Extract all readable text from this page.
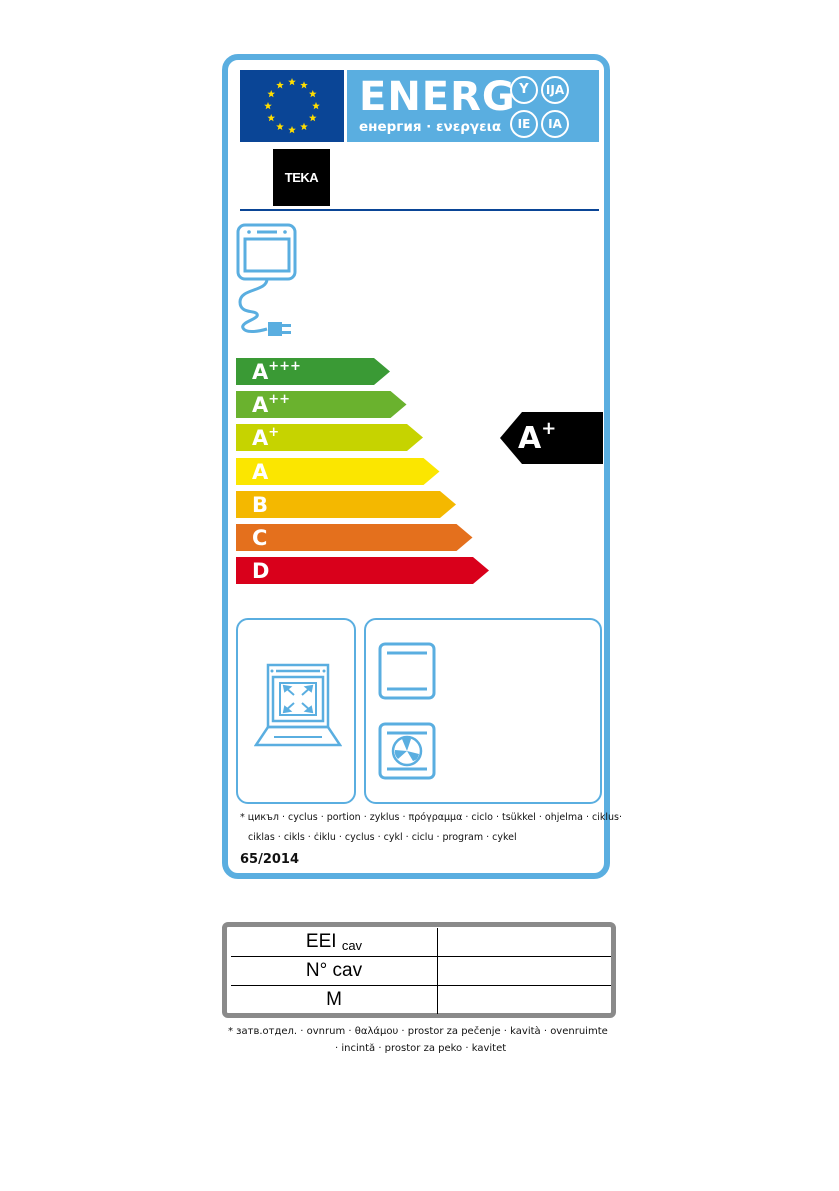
ENERG
енергия · ενεργεια
Y	IJA
IE	IA
TEKA
A+++
A++
A+
A
B
C
D
A+
* цикъл · cyclus · portion · zyklus · πρόγραμμα · ciclo · tsükkel · ohjelma · ciklus·
ciklas · cikls · ċiklu · cyclus · cykl · ciclu · program · cykel
65/2014
EEI $_{cav}$
N° cav
M
* затв.отдел. · ovnrum · θαλάμου · prostor za pečenje · kavità · ovenruimte
· incintă · prostor za peko · kavitet
